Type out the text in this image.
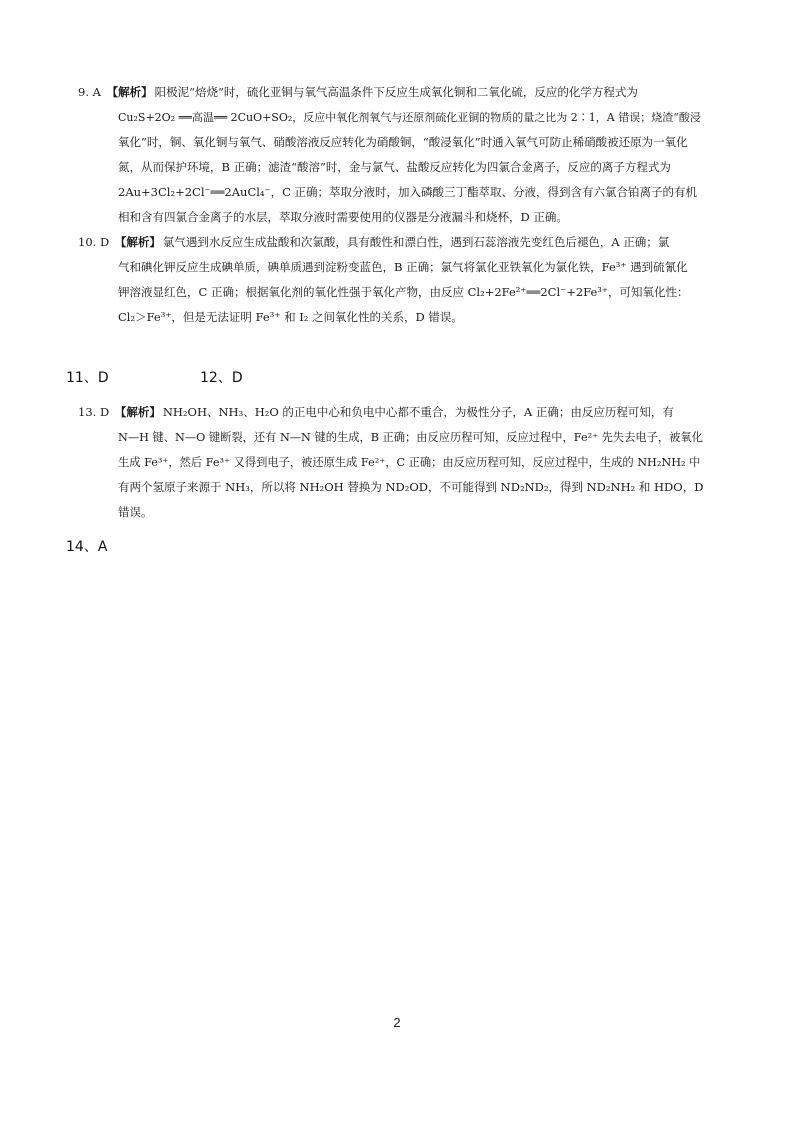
9. A 【解析】 阳极泥“焙烧”时，硫化亚铜与氧气高温条件下反应生成氧化铜和二氧化硫，反应的化学方程式为
Cu₂S+2O₂ ══高温══ 2CuO+SO₂，反应中氧化剂氧气与还原剂硫化亚铜的物质的量之比为 2∶1，A 错误；烧渣“酸浸
氧化”时，铜、氧化铜与氧气、硝酸溶液反应转化为硝酸铜，“酸浸氧化”时通入氧气可防止稀硝酸被还原为一氧化
氮，从而保护环境，B 正确；滤渣“酸溶”时，金与氯气、盐酸反应转化为四氯合金离子，反应的离子方程式为
2Au+3Cl₂+2Cl⁻══2AuCl₄⁻，C 正确；萃取分液时，加入磷酸三丁酯萃取、分液，得到含有六氯合铂离子的有机
相和含有四氯合金离子的水层，萃取分液时需要使用的仪器是分液漏斗和烧杯，D 正确。
10. D 【解析】 氯气遇到水反应生成盐酸和次氯酸，具有酸性和漂白性，遇到石蕊溶液先变红色后褪色，A 正确；氯
气和碘化钾反应生成碘单质，碘单质遇到淀粉变蓝色，B 正确；氯气将氯化亚铁氧化为氯化铁，Fe³⁺ 遇到硫氰化
钾溶液显红色，C 正确；根据氧化剂的氧化性强于氧化产物，由反应 Cl₂+2Fe²⁺══2Cl⁻+2Fe³⁺，可知氧化性：
Cl₂＞Fe³⁺，但是无法证明 Fe³⁺ 和 I₂ 之间氧化性的关系，D 错误。
11、D	12、D
13. D 【解析】 NH₂OH、NH₃、H₂O 的正电中心和负电中心都不重合，为极性分子，A 正确；由反应历程可知，有
N—H 键、N—O 键断裂，还有 N—N 键的生成，B 正确；由反应历程可知，反应过程中，Fe²⁺ 先失去电子，被氧化
生成 Fe³⁺，然后 Fe³⁺ 又得到电子，被还原生成 Fe²⁺，C 正确；由反应历程可知，反应过程中，生成的 NH₂NH₂ 中
有两个氢原子来源于 NH₃，所以将 NH₂OH 替换为 ND₂OD，不可能得到 ND₂ND₂，得到 ND₂NH₂ 和 HDO，D
错误。
14、A
2
